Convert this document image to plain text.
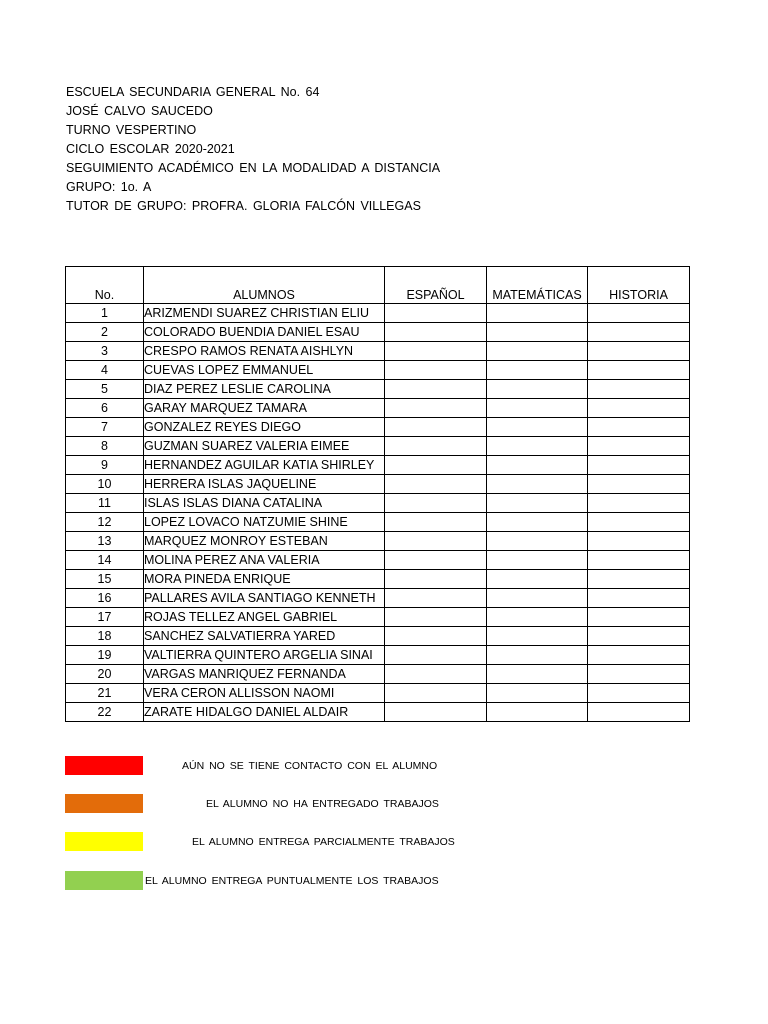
ESCUELA SECUNDARIA GENERAL No. 64
JOSÉ CALVO SAUCEDO
TURNO VESPERTINO
CICLO ESCOLAR 2020-2021
SEGUIMIENTO ACADÉMICO EN LA MODALIDAD A DISTANCIA
GRUPO: 1o. A
TUTOR DE GRUPO: PROFRA. GLORIA FALCÓN VILLEGAS
No.	ALUMNOS	ESPAÑOL	MATEMÁTICAS	HISTORIA
1	ARIZMENDI SUAREZ CHRISTIAN ELIU			
2	COLORADO BUENDIA DANIEL ESAU			
3	CRESPO RAMOS RENATA AISHLYN			
4	CUEVAS LOPEZ EMMANUEL			
5	DIAZ PEREZ LESLIE CAROLINA			
6	GARAY MARQUEZ TAMARA			
7	GONZALEZ REYES DIEGO			
8	GUZMAN SUAREZ VALERIA EIMEE			
9	HERNANDEZ AGUILAR KATIA SHIRLEY			
10	HERRERA ISLAS JAQUELINE			
11	ISLAS ISLAS DIANA CATALINA			
12	LOPEZ LOVACO NATZUMIE SHINE			
13	MARQUEZ MONROY ESTEBAN			
14	MOLINA PEREZ ANA VALERIA			
15	MORA PINEDA ENRIQUE			
16	PALLARES AVILA SANTIAGO KENNETH			
17	ROJAS TELLEZ ANGEL GABRIEL			
18	SANCHEZ SALVATIERRA YARED			
19	VALTIERRA QUINTERO ARGELIA SINAI			
20	VARGAS MANRIQUEZ FERNANDA			
21	VERA CERON ALLISSON NAOMI			
22	ZARATE HIDALGO DANIEL ALDAIR			
AÚN NO SE TIENE CONTACTO CON EL ALUMNO
EL ALUMNO NO HA ENTREGADO TRABAJOS
EL ALUMNO ENTREGA PARCIALMENTE TRABAJOS
EL ALUMNO ENTREGA PUNTUALMENTE LOS TRABAJOS
